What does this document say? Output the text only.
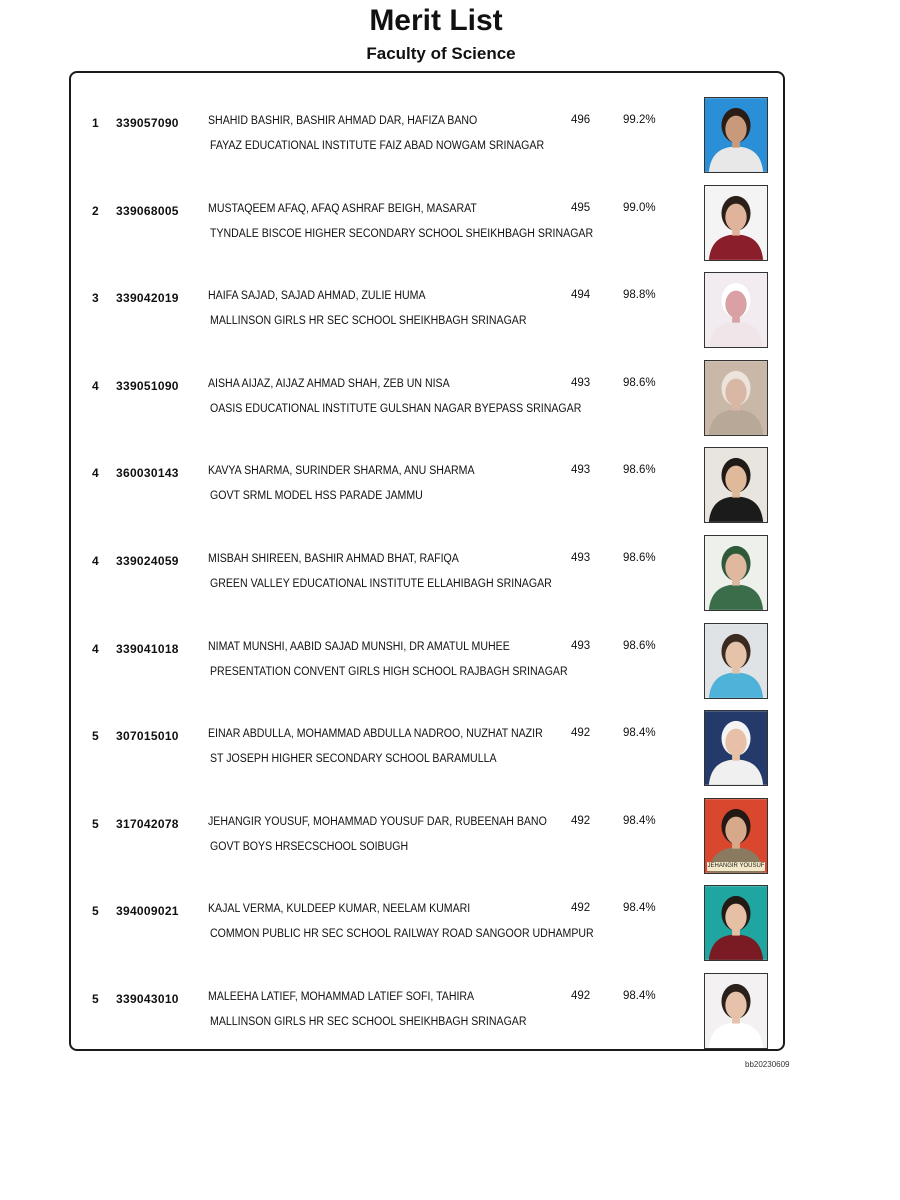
Merit List
Faculty of Science
1 339057090	SHAHID BASHIR, BASHIR AHMAD DAR, HAFIZA BANO
FAYAZ EDUCATIONAL INSTITUTE FAIZ ABAD NOWGAM SRINAGAR
496	99.2%
2 339068005	MUSTAQEEM AFAQ, AFAQ ASHRAF BEIGH, MASARAT
TYNDALE BISCOE HIGHER SECONDARY SCHOOL SHEIKHBAGH SRINAGAR
495	99.0%
3 339042019	HAIFA SAJAD, SAJAD AHMAD, ZULIE HUMA
MALLINSON GIRLS HR SEC SCHOOL SHEIKHBAGH SRINAGAR
494	98.8%
4 339051090	AISHA AIJAZ, AIJAZ AHMAD SHAH, ZEB UN NISA
OASIS EDUCATIONAL INSTITUTE GULSHAN NAGAR BYEPASS SRINAGAR
493	98.6%
4 360030143	KAVYA SHARMA, SURINDER SHARMA, ANU SHARMA
GOVT SRML MODEL HSS PARADE JAMMU
493	98.6%
4 339024059	MISBAH SHIREEN, BASHIR AHMAD BHAT, RAFIQA
GREEN VALLEY EDUCATIONAL INSTITUTE ELLAHIBAGH SRINAGAR
493	98.6%
4 339041018	NIMAT MUNSHI, AABID SAJAD MUNSHI, DR AMATUL MUHEE
PRESENTATION CONVENT GIRLS HIGH SCHOOL RAJBAGH SRINAGAR
493	98.6%
5 307015010	EINAR ABDULLA, MOHAMMAD ABDULLA NADROO, NUZHAT NAZIR
ST JOSEPH HIGHER SECONDARY SCHOOL BARAMULLA
492	98.4%
5 317042078	JEHANGIR YOUSUF, MOHAMMAD YOUSUF DAR, RUBEENAH BANO
GOVT BOYS HRSECSCHOOL SOIBUGH
492	98.4%
JEHANGIR YOUSUF
5 394009021	KAJAL VERMA, KULDEEP KUMAR, NEELAM KUMARI
COMMON PUBLIC HR SEC SCHOOL RAILWAY ROAD SANGOOR UDHAMPUR
492	98.4%
5 339043010	MALEEHA LATIEF, MOHAMMAD LATIEF SOFI, TAHIRA
MALLINSON GIRLS HR SEC SCHOOL SHEIKHBAGH SRINAGAR
492	98.4%
bb20230609
